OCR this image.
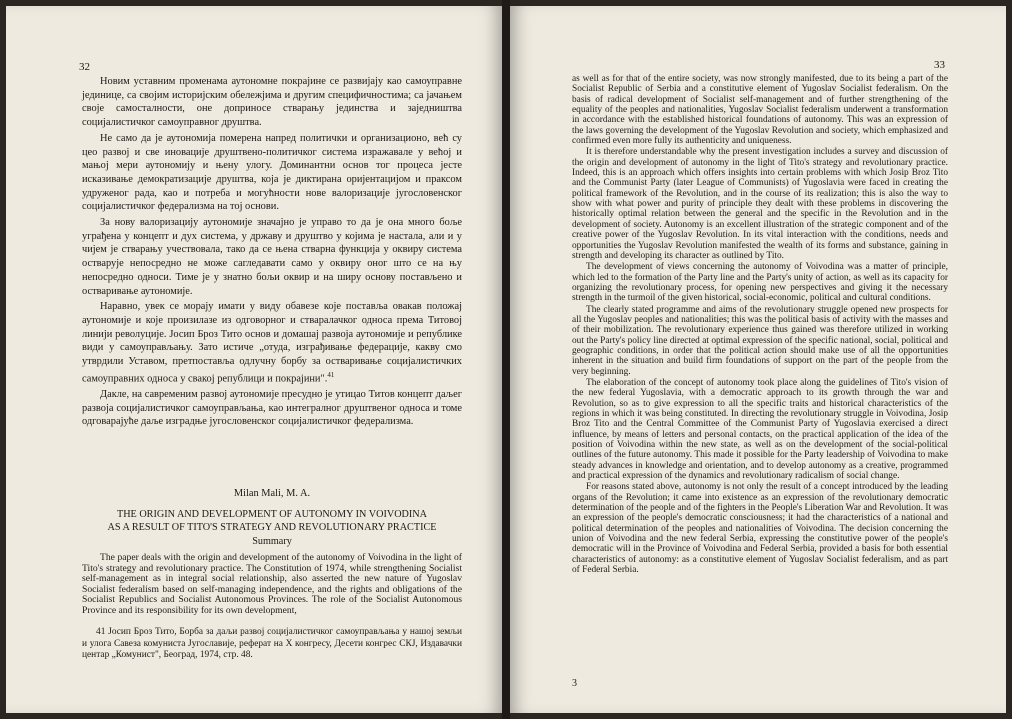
32

Новим уставним променама аутономне покрајине се развијају као самоуправне јединице, са својим историјским обележјима и другим специфичностима; са јачањем своје самосталности, оне доприносе стварању јединства и заједништва социјалистичког самоуправног друштва.

Не само да је аутономија померена напред политички и организационо, већ су цео развој и све иновације друштвено-политичког система изражавале у већој и мањој мери аутономију и њену улогу. Доминантни основ тог процеса јесте исказивање демократизације друштва, која је диктирана оријентацијом и праксом удруженог рада, као и потреба и могућности нове валоризације југословенског социјалистичког федерализма на тој основи.

За нову валоризацију аутономије значајно је управо то да је она много боље уграђена у концепт и дух система, у државу и друштво у којима је настала, али и у чијем је стварању учествовала, тако да се њена стварна функција у оквиру система остварује непосредно не може сагледавати само у оквиру оног што се на њу непосредно односи. Тиме је у знатно бољи оквир и на ширу основу постављено и остваривање аутономије.

Наравно, увек се морају имати у виду обавезе које поставља овакав положај аутономије и које произилазе из одговорног и стваралачког односа према Титовој линији револуције. Јосип Броз Тито основ и домашај развоја аутономије и републике види у самоуправљању. Зато истиче „отуда, изграђивање федерације, какву смо утврдили Уставом, претпоставља одлучну борбу за остваривање социјалистичких самоуправних односа у свакој републици и покрајини".$^{41}$

Дакле, на савременим развој аутономије пресудно је утицао Титов концепт даљег развоја социјалистичког самоуправљања, као интегралног друштвеног односа и томе одговарајуће даље изградње југословенског социјалистичког федерализма.

Milan Mali, M. A.
THE ORIGIN AND DEVELOPMENT OF AUTONOMY IN VOIVODINA
AS A RESULT OF TITO'S STRATEGY AND REVOLUTIONARY PRACTICE
Summary

The paper deals with the origin and development of the autonomy of Voivodina in the light of Tito's strategy and revolutionary practice. The Constitution of 1974, while strengthening Socialist self-management as in integral social relationship, also asserted the new nature of Yugoslav Socialist federalism based on self-managing independence, and the rights and obligations of the Socialist Republics and Socialist Autonomous Provinces. The role of the Socialist Autonomous Province and its responsibility for its own development,

41 Јосип Броз Тито, Борба за даљи развој социјалистичког самоуправљања у нашој земљи и улога Савеза комуниста Југославије, реферат на X конгресу, Десети конгрес СКЈ, Издавачки центар „Комунист", Београд, 1974, стр. 48.
33

as well as for that of the entire society, was now strongly manifested, due to its being a part of the Socialist Republic of Serbia and a constitutive element of Yugoslav Socialist federalism. On the basis of radical development of Socialist self-management and of further strengthening of the equality of the peoples and nationalities, Yugoslav Socialist federalism underwent a transformation in accordance with the established historical foundations of autonomy. This was an expression of the laws governing the development of the Yugoslav Revolution and society, which emphasized and confirmed even more fully its authenticity and uniqueness.

It is therefore understandable why the present investigation includes a survey and discussion of the origin and development of autonomy in the light of Tito's strategy and revolutionary practice. Indeed, this is an approach which offers insights into certain problems with which Josip Broz Tito and the Communist Party (later League of Communists) of Yugoslavia were faced in creating the political framework of the Revolution, and in the course of its realization; this is also the way to show with what power and purity of principle they dealt with these problems in discovering the historically optimal relation between the general and the specific in the Revolution and in the development of society. Autonomy is an excellent illustration of the strategic component and of the creative power of the Yugoslav Revolution. In its vital interaction with the conditions, needs and opportunities the Yugoslav Revolution manifested the wealth of its forms and substance, gaining in strength and developing its character as outlined by Tito.

The development of views concerning the autonomy of Voivodina was a matter of principle, which led to the formation of the Party line and the Party's unity of action, as well as its capacity for organizing the revolutionary process, for opening new perspectives and giving it the necessary strength in the turmoil of the given historical, social-economic, political and cultural conditions.

The clearly stated programme and aims of the revolutionary struggle opened new prospects for all the Yugoslav peoples and nationalities; this was the political basis of activity with the masses and of their mobilization. The revolutionary experience thus gained was therefore utilized in working out the Party's policy line directed at optimal expression of the specific national, social, political and geographic conditions, in order that the political action should make use of all the opportunities inherent in the situation and build firm foundations of support on the part of the people from the very beginning.

The elaboration of the concept of autonomy took place along the guidelines of Tito's vision of the new federal Yugoslavia, with a democratic approach to its growth through the war and Revolution, so as to give expression to all the specific traits and historical characteristics of the regions in which it was being constituted. In directing the revolutionary struggle in Voivodina, Josip Broz Tito and the Central Committee of the Communist Party of Yugoslavia exercised a direct influence, by means of letters and personal contacts, on the practical application of the idea of the position of Voivodina within the new state, as well as on the development of the social-political outlines of the future autonomy. This made it possible for the Party leadership of Voivodina to make steady advances in knowledge and orientation, and to develop autonomy as a creative, programmed and practical expression of the dynamics and revolutionary radicalism of social change.

For reasons stated above, autonomy is not only the result of a concept introduced by the leading organs of the Revolution; it came into existence as an expression of the revolutionary democratic determination of the people and of the fighters in the People's Liberation War and Revolution. It was an expression of the people's democratic consciousness; it had the characteristics of a national and political determination of the peoples and nationalities of Voivodina. The decision concerning the union of Voivodina and the new federal Serbia, expressing the constitutive power of the people's democratic will in the Province of Voivodina and Federal Serbia, provided a basis for both essential characteristics of autonomy: as a constitutive element of Yugoslav Socialist federalism, and as part of Federal Serbia.

3
